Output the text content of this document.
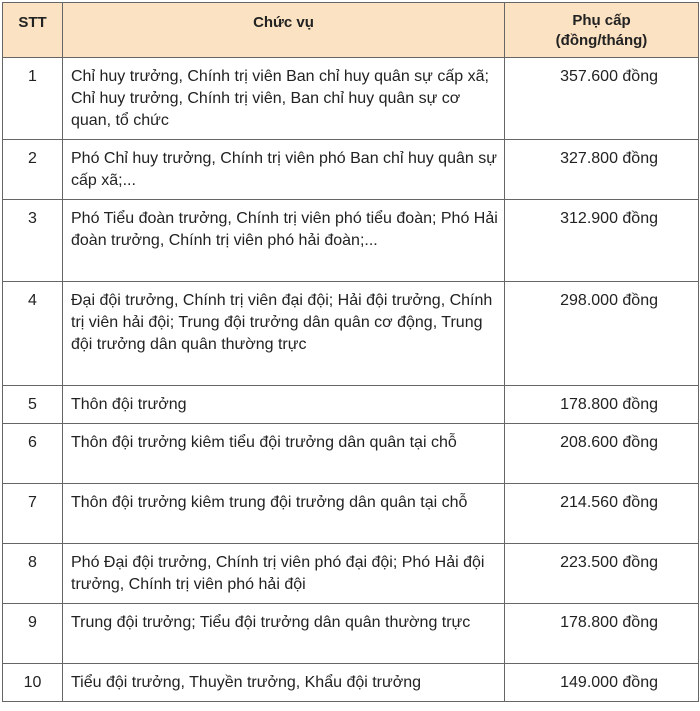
STT	Chức vụ	Phụ cấp
(đồng/tháng)
1	Chỉ huy trưởng, Chính trị viên Ban chỉ huy quân sự cấp xã; Chỉ huy trưởng, Chính trị viên, Ban chỉ huy quân sự cơ quan, tổ chức	357.600 đồng
2	Phó Chỉ huy trưởng, Chính trị viên phó Ban chỉ huy quân sự cấp xã;...	327.800 đồng
3	Phó Tiểu đoàn trưởng, Chính trị viên phó tiểu đoàn; Phó Hải đoàn trưởng, Chính trị viên phó hải đoàn;...	312.900 đồng
4	Đại đội trưởng, Chính trị viên đại đội; Hải đội trưởng, Chính trị viên hải đội; Trung đội trưởng dân quân cơ động, Trung đội trưởng dân quân thường trực	298.000 đồng
5	Thôn đội trưởng	178.800 đồng
6	Thôn đội trưởng kiêm tiểu đội trưởng dân quân tại chỗ	208.600 đồng
7	Thôn đội trưởng kiêm trung đội trưởng dân quân tại chỗ	214.560 đồng
8	Phó Đại đội trưởng, Chính trị viên phó đại đội; Phó Hải đội trưởng, Chính trị viên phó hải đội	223.500 đồng
9	Trung đội trưởng; Tiểu đội trưởng dân quân thường trực	178.800 đồng
10	Tiểu đội trưởng, Thuyền trưởng, Khẩu đội trưởng	149.000 đồng
